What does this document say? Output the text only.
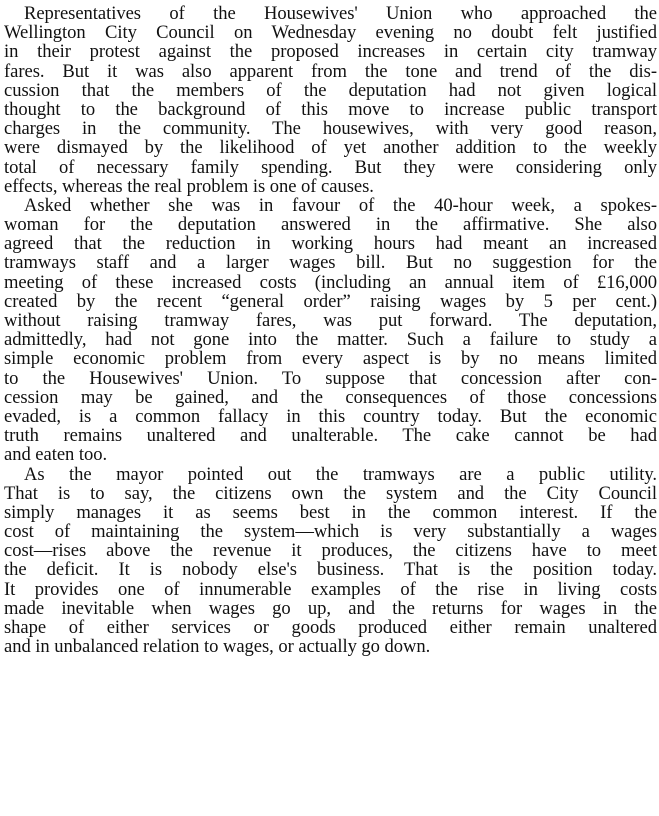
Representatives of the Housewives' Union who approached the
Wellington City Council on Wednesday evening no doubt felt justified
in their protest against the proposed increases in certain city tramway
fares. But it was also apparent from the tone and trend of the dis-
cussion that the members of the deputation had not given logical
thought to the background of this move to increase public transport
charges in the community. The housewives, with very good reason,
were dismayed by the likelihood of yet another addition to the weekly
total of necessary family spending. But they were considering only
effects, whereas the real problem is one of causes.
Asked whether she was in favour of the 40-hour week, a spokes-
woman for the deputation answered in the affirmative. She also
agreed that the reduction in working hours had meant an increased
tramways staff and a larger wages bill. But no suggestion for the
meeting of these increased costs (including an annual item of £16,000
created by the recent “general order” raising wages by 5 per cent.)
without raising tramway fares, was put forward. The deputation,
admittedly, had not gone into the matter. Such a failure to study a
simple economic problem from every aspect is by no means limited
to the Housewives' Union. To suppose that concession after con-
cession may be gained, and the consequences of those concessions
evaded, is a common fallacy in this country today. But the economic
truth remains unaltered and unalterable. The cake cannot be had
and eaten too.
As the mayor pointed out the tramways are a public utility.
That is to say, the citizens own the system and the City Council
simply manages it as seems best in the common interest. If the
cost of maintaining the system—which is very substantially a wages
cost—rises above the revenue it produces, the citizens have to meet
the deficit. It is nobody else's business. That is the position today.
It provides one of innumerable examples of the rise in living costs
made inevitable when wages go up, and the returns for wages in the
shape of either services or goods produced either remain unaltered
and in unbalanced relation to wages, or actually go down.
